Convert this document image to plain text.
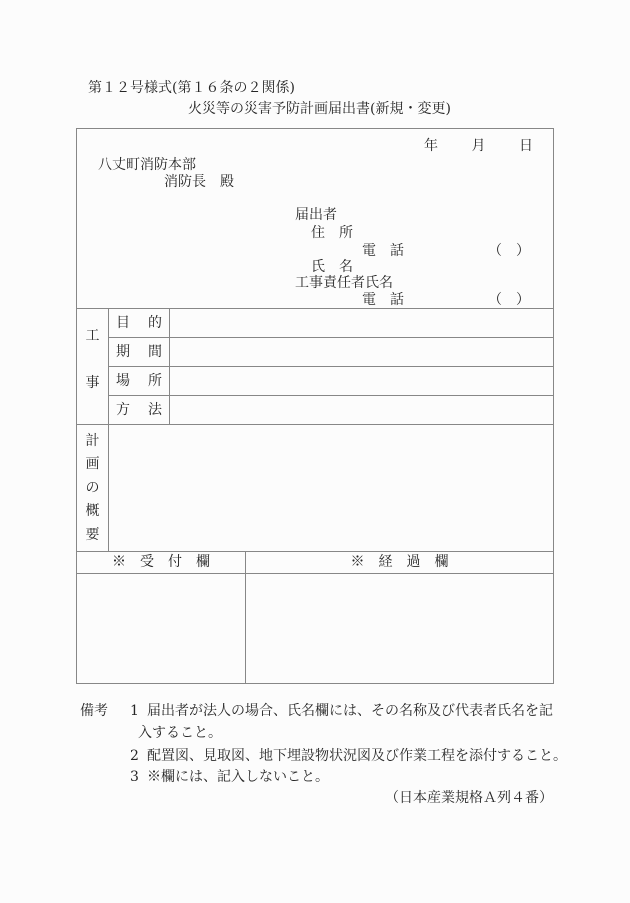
第１２号様式(第１６条の２関係)
火災等の災害予防計画届出書(新規・変更)
年 月 日
八丈町消防本部
消防長　殿
届出者
住　所
電　話	（　）
氏　名
工事責任者氏名
電　話	（　）
工
事
目 的
期 間
場 所
方 法
計
画
の
概
要
※　受　付　欄	※　経　過　欄
備考 1 届出者が法人の場合、氏名欄には、その名称及び代表者氏名を記
入すること。
2 配置図、見取図、地下埋設物状況図及び作業工程を添付すること。
3 ※欄には、記入しないこと。
（日本産業規格Ａ列４番）
